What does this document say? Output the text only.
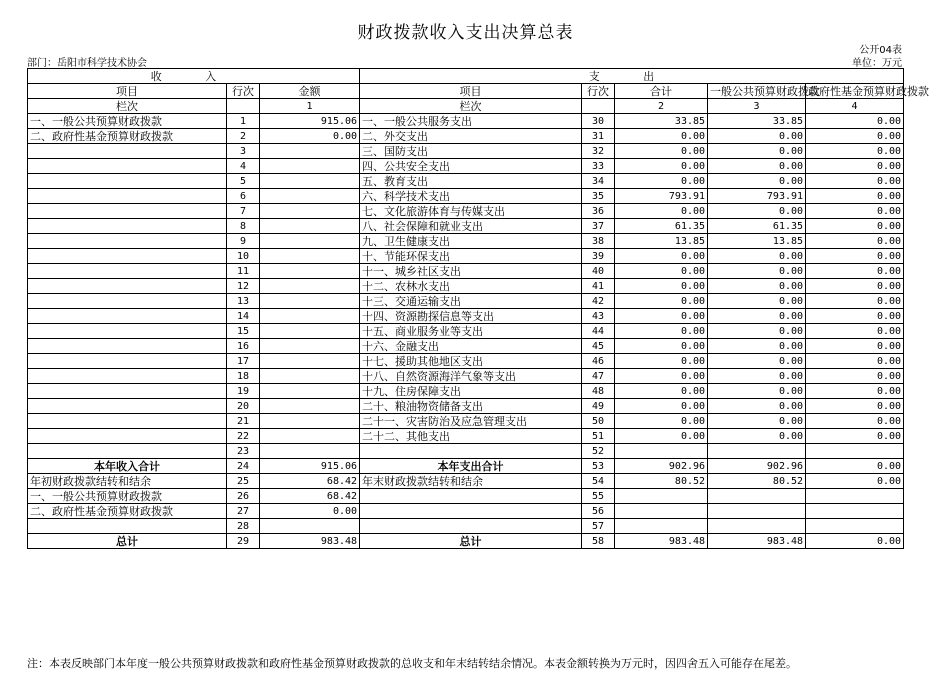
财政拨款收入支出决算总表
部门：岳阳市科学技术协会
公开04表
单位：万元
收 入			支 出				
项目	行次	金额	项目	行次	合计	一般公共预算财政拨款	政府性基金预算财政拨款
栏次		1	栏次		2	3	4
一、一般公共预算财政拨款	1	915.06	一、一般公共服务支出	30	33.85	33.85	0.00
二、政府性基金预算财政拨款	2	0.00	二、外交支出	31	0.00	0.00	0.00
	3		三、国防支出	32	0.00	0.00	0.00
	4		四、公共安全支出	33	0.00	0.00	0.00
	5		五、教育支出	34	0.00	0.00	0.00
	6		六、科学技术支出	35	793.91	793.91	0.00
	7		七、文化旅游体育与传媒支出	36	0.00	0.00	0.00
	8		八、社会保障和就业支出	37	61.35	61.35	0.00
	9		九、卫生健康支出	38	13.85	13.85	0.00
	10		十、节能环保支出	39	0.00	0.00	0.00
	11		十一、城乡社区支出	40	0.00	0.00	0.00
	12		十二、农林水支出	41	0.00	0.00	0.00
	13		十三、交通运输支出	42	0.00	0.00	0.00
	14		十四、资源勘探信息等支出	43	0.00	0.00	0.00
	15		十五、商业服务业等支出	44	0.00	0.00	0.00
	16		十六、金融支出	45	0.00	0.00	0.00
	17		十七、援助其他地区支出	46	0.00	0.00	0.00
	18		十八、自然资源海洋气象等支出	47	0.00	0.00	0.00
	19		十九、住房保障支出	48	0.00	0.00	0.00
	20		二十、粮油物资储备支出	49	0.00	0.00	0.00
	21		二十一、灾害防治及应急管理支出	50	0.00	0.00	0.00
	22		二十二、其他支出	51	0.00	0.00	0.00
	23			52			
本年收入合计	24	915.06	本年支出合计	53	902.96	902.96	0.00
年初财政拨款结转和结余	25	68.42	年末财政拨款结转和结余	54	80.52	80.52	0.00
一、一般公共预算财政拨款	26	68.42		55			
二、政府性基金预算财政拨款	27	0.00		56			
	28			57			
总计	29	983.48	总计	58	983.48	983.48	0.00
注：本表反映部门本年度一般公共预算财政拨款和政府性基金预算财政拨款的总收支和年末结转结余情况。本表金额转换为万元时，因四舍五入可能存在尾差。
